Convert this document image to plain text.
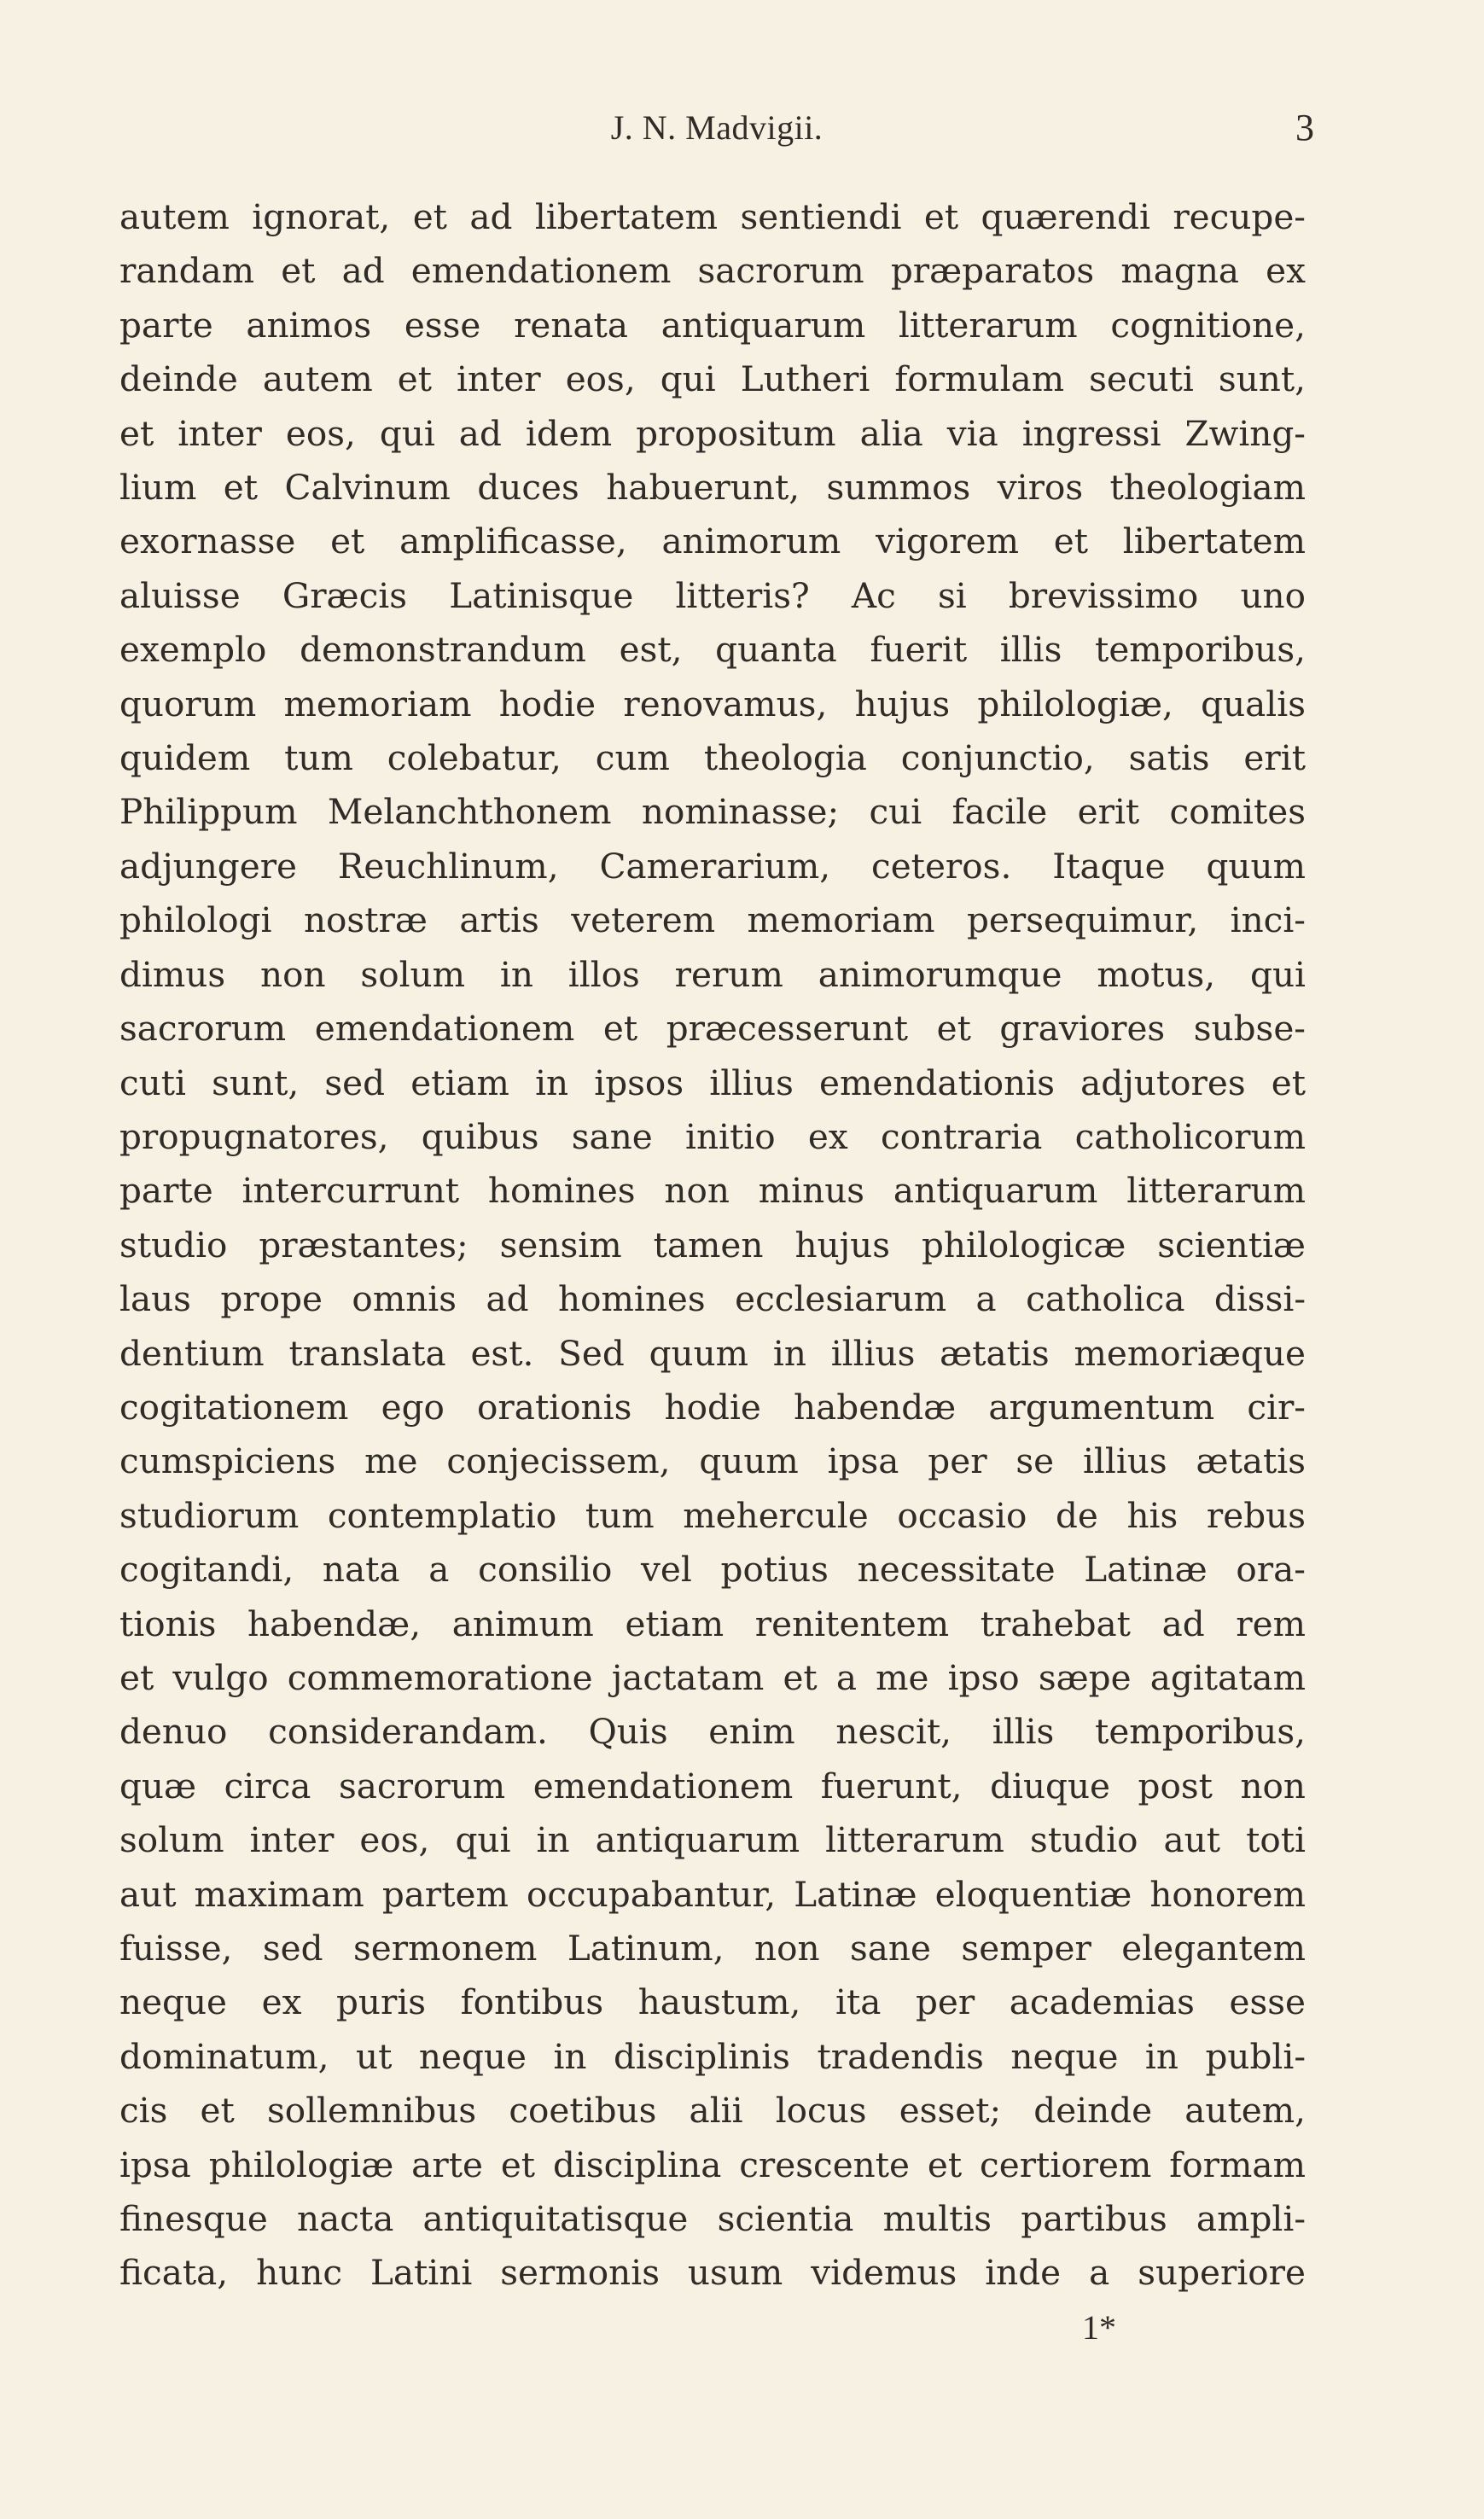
J. N. Madvigii.	3
autem ignorat, et ad libertatem sentiendi et quærendi recupe-
randam et ad emendationem sacrorum præparatos magna ex
parte animos esse renata antiquarum litterarum cognitione,
deinde autem et inter eos, qui Lutheri formulam secuti sunt,
et inter eos, qui ad idem propositum alia via ingressi Zwing-
lium et Calvinum duces habuerunt, summos viros theologiam
exornasse et amplificasse, animorum vigorem et libertatem
aluisse Græcis Latinisque litteris? Ac si brevissimo uno
exemplo demonstrandum est, quanta fuerit illis temporibus,
quorum memoriam hodie renovamus, hujus philologiæ, qualis
quidem tum colebatur, cum theologia conjunctio, satis erit
Philippum Melanchthonem nominasse; cui facile erit comites
adjungere Reuchlinum, Camerarium, ceteros. Itaque quum
philologi nostræ artis veterem memoriam persequimur, inci-
dimus non solum in illos rerum animorumque motus, qui
sacrorum emendationem et præcesserunt et graviores subse-
cuti sunt, sed etiam in ipsos illius emendationis adjutores et
propugnatores, quibus sane initio ex contraria catholicorum
parte intercurrunt homines non minus antiquarum litterarum
studio præstantes; sensim tamen hujus philologicæ scientiæ
laus prope omnis ad homines ecclesiarum a catholica dissi-
dentium translata est. Sed quum in illius ætatis memoriæque
cogitationem ego orationis hodie habendæ argumentum cir-
cumspiciens me conjecissem, quum ipsa per se illius ætatis
studiorum contemplatio tum mehercule occasio de his rebus
cogitandi, nata a consilio vel potius necessitate Latinæ ora-
tionis habendæ, animum etiam renitentem trahebat ad rem
et vulgo commemoratione jactatam et a me ipso sæpe agitatam
denuo considerandam. Quis enim nescit, illis temporibus,
quæ circa sacrorum emendationem fuerunt, diuque post non
solum inter eos, qui in antiquarum litterarum studio aut toti
aut maximam partem occupabantur, Latinæ eloquentiæ honorem
fuisse, sed sermonem Latinum, non sane semper elegantem
neque ex puris fontibus haustum, ita per academias esse
dominatum, ut neque in disciplinis tradendis neque in publi-
cis et sollemnibus coetibus alii locus esset; deinde autem,
ipsa philologiæ arte et disciplina crescente et certiorem formam
finesque nacta antiquitatisque scientia multis partibus ampli-
ficata, hunc Latini sermonis usum videmus inde a superiore
1*
